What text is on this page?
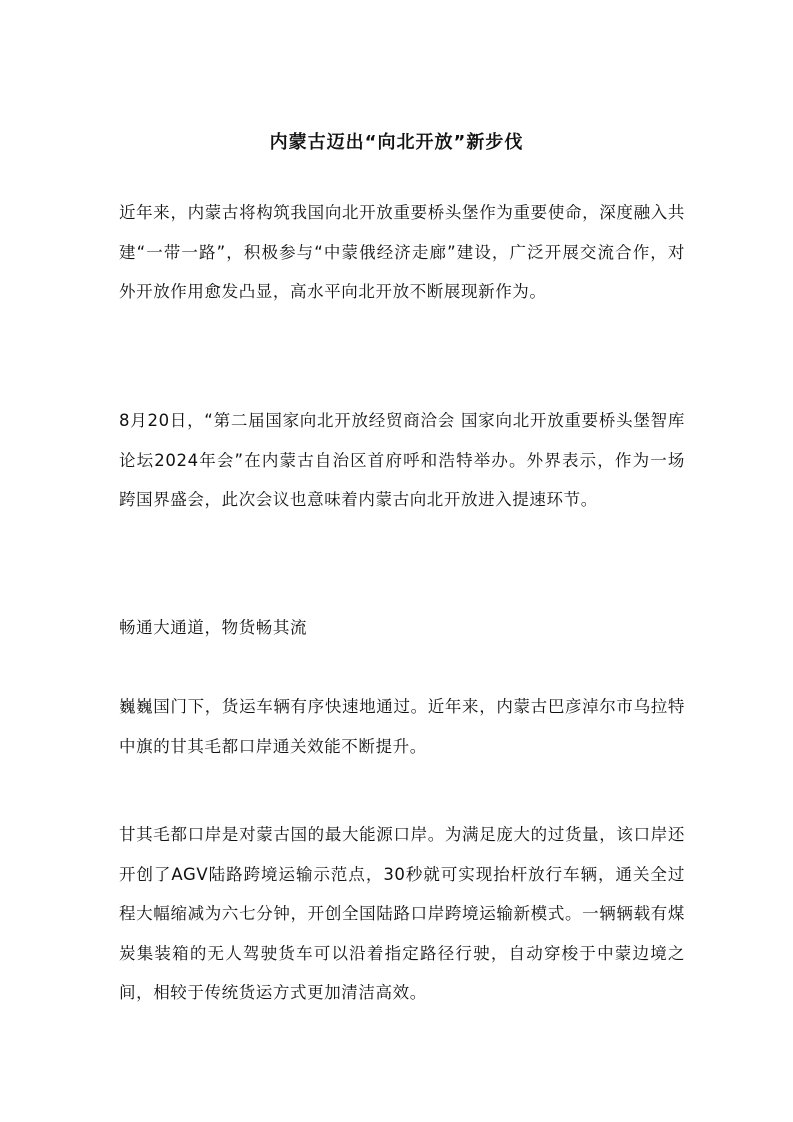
内蒙古迈出“向北开放”新步伐
近年来，内蒙古将构筑我国向北开放重要桥头堡作为重要使命，深度融入共建“一带一路”，积极参与“中蒙俄经济走廊”建设，广泛开展交流合作，对外开放作用愈发凸显，高水平向北开放不断展现新作为。
8月20日，“第二届国家向北开放经贸商洽会 国家向北开放重要桥头堡智库论坛2024年会”在内蒙古自治区首府呼和浩特举办。外界表示，作为一场跨国界盛会，此次会议也意味着内蒙古向北开放进入提速环节。
畅通大通道，物货畅其流
巍巍国门下，货运车辆有序快速地通过。近年来，内蒙古巴彦淖尔市乌拉特中旗的甘其毛都口岸通关效能不断提升。
甘其毛都口岸是对蒙古国的最大能源口岸。为满足庞大的过货量，该口岸还开创了AGV陆路跨境运输示范点，30秒就可实现抬杆放行车辆，通关全过程大幅缩减为六七分钟，开创全国陆路口岸跨境运输新模式。一辆辆载有煤炭集装箱的无人驾驶货车可以沿着指定路径行驶，自动穿梭于中蒙边境之间，相较于传统货运方式更加清洁高效。
